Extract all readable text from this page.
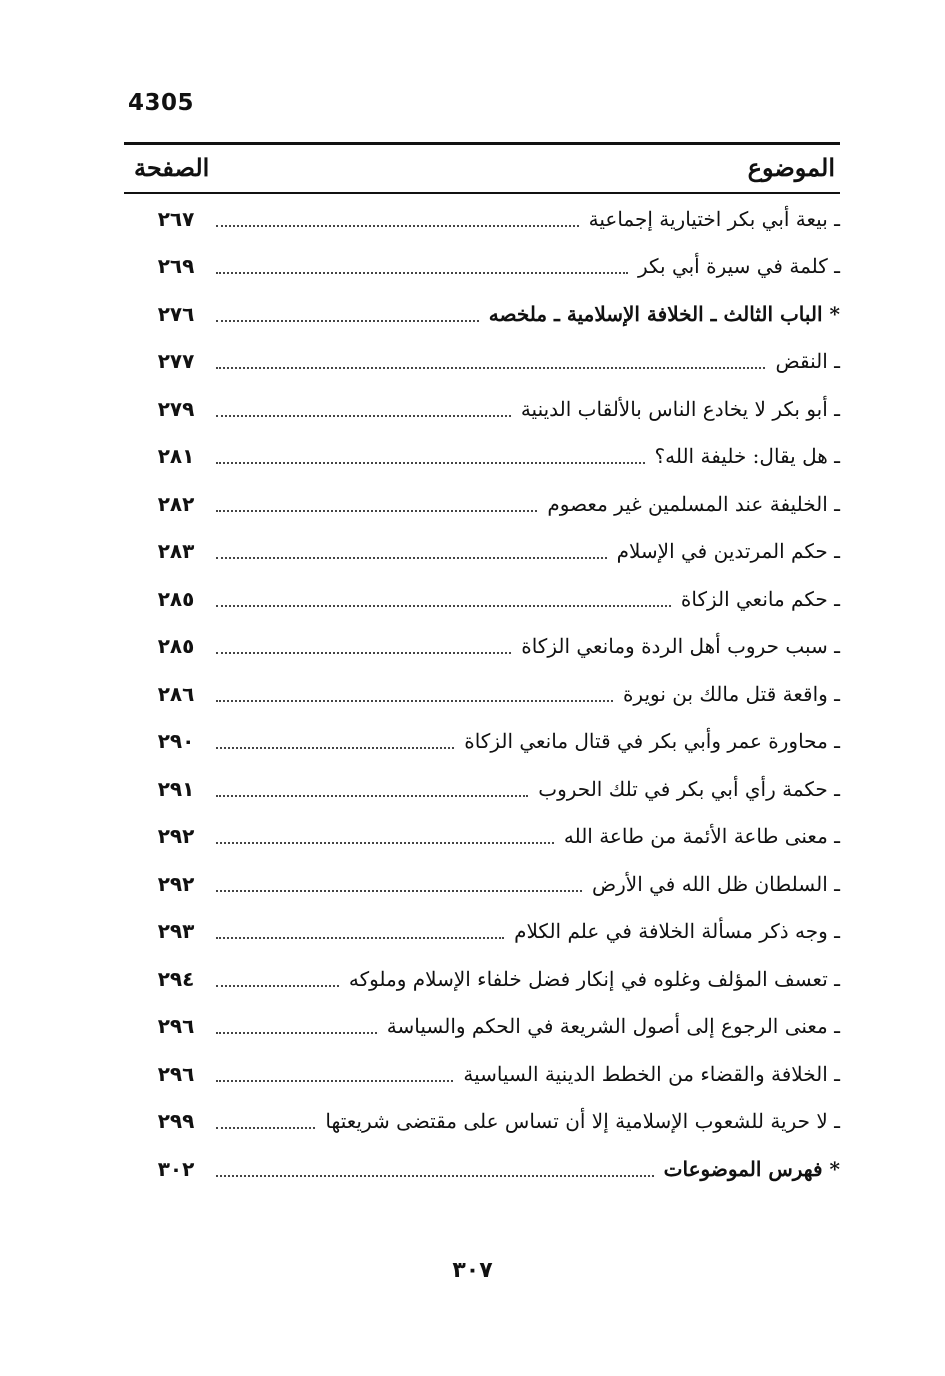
4305
الموضوع
الصفحة
ـ بيعة أبي بكر اختيارية إجماعية
٢٦٧
ـ كلمة في سيرة أبي بكر
٢٦٩
* الباب الثالث ـ الخلافة الإسلامية ـ ملخصه
٢٧٦
ـ النقض
٢٧٧
ـ أبو بكر لا يخادع الناس بالألقاب الدينية
٢٧٩
ـ هل يقال: خليفة الله؟
٢٨١
ـ الخليفة عند المسلمين غير معصوم
٢٨٢
ـ حكم المرتدين في الإسلام
٢٨٣
ـ حكم مانعي الزكاة
٢٨٥
ـ سبب حروب أهل الردة ومانعي الزكاة
٢٨٥
ـ واقعة قتل مالك بن نويرة
٢٨٦
ـ محاورة عمر وأبي بكر في قتال مانعي الزكاة
٢٩٠
ـ حكمة رأي أبي بكر في تلك الحروب
٢٩١
ـ معنى طاعة الأئمة من طاعة الله
٢٩٢
ـ السلطان ظل الله في الأرض
٢٩٢
ـ وجه ذكر مسألة الخلافة في علم الكلام
٢٩٣
ـ تعسف المؤلف وغلوه في إنكار فضل خلفاء الإسلام وملوكه
٢٩٤
ـ معنى الرجوع إلى أصول الشريعة في الحكم والسياسة
٢٩٦
ـ الخلافة والقضاء من الخطط الدينية السياسية
٢٩٦
ـ لا حرية للشعوب الإسلامية إلا أن تساس على مقتضى شريعتها
٢٩٩
* فهرس الموضوعات
٣٠٢
٣٠٧
